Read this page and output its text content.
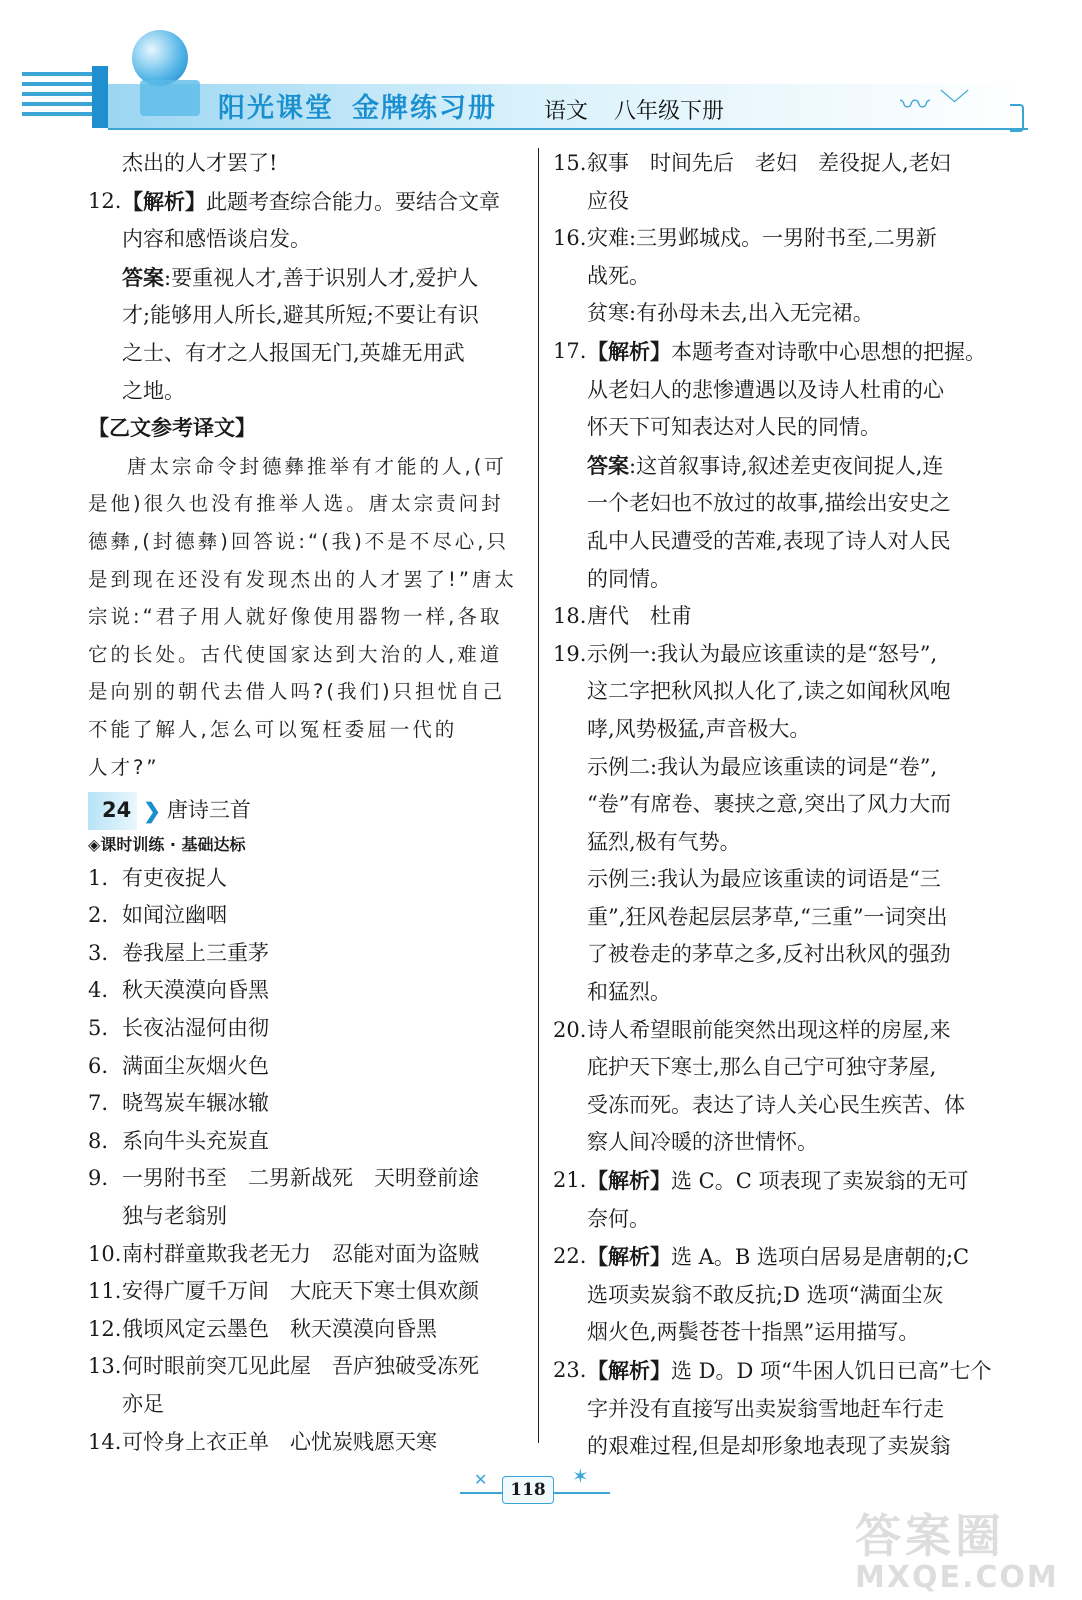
阳光课堂 金牌练习册 语文 八年级下册	〰 ﹀
杰出的人才罢了!
12. 【解析】此题考查综合能力。要结合文章
内容和感悟谈启发。
答案:要重视人才,善于识别人才,爱护人
才;能够用人所长,避其所短;不要让有识
之士、有才之人报国无门,英雄无用武
之地。
【乙文参考译文】
唐太宗命令封德彝推举有才能的人,(可
是他)很久也没有推举人选。唐太宗责问封
德彝,(封德彝)回答说:“(我)不是不尽心,只
是到现在还没有发现杰出的人才罢了!”唐太
宗说:“君子用人就好像使用器物一样,各取
它的长处。古代使国家达到大治的人,难道
是向别的朝代去借人吗?(我们)只担忧自己
不能了解人,怎么可以冤枉委屈一代的
人才?”
24 ❯ 唐诗三首
◈课时训练 · 基础达标
1. 有吏夜捉人
2. 如闻泣幽咽
3. 卷我屋上三重茅
4. 秋天漠漠向昏黑
5. 长夜沾湿何由彻
6. 满面尘灰烟火色
7. 晓驾炭车辗冰辙
8. 系向牛头充炭直
9. 一男附书至　二男新战死　天明登前途
独与老翁别
10. 南村群童欺我老无力　忍能对面为盗贼
11. 安得广厦千万间　大庇天下寒士俱欢颜
12. 俄顷风定云墨色　秋天漠漠向昏黑
13. 何时眼前突兀见此屋　吾庐独破受冻死
亦足
14. 可怜身上衣正单　心忧炭贱愿天寒
15. 叙事　时间先后　老妇　差役捉人,老妇
应役
16. 灾难:三男邺城戍。一男附书至,二男新
战死。
贫寒:有孙母未去,出入无完裙。
17. 【解析】本题考查对诗歌中心思想的把握。
从老妇人的悲惨遭遇以及诗人杜甫的心
怀天下可知表达对人民的同情。
答案:这首叙事诗,叙述差吏夜间捉人,连
一个老妇也不放过的故事,描绘出安史之
乱中人民遭受的苦难,表现了诗人对人民
的同情。
18. 唐代　杜甫
19. 示例一:我认为最应该重读的是“怒号”,
这二字把秋风拟人化了,读之如闻秋风咆
哮,风势极猛,声音极大。
示例二:我认为最应该重读的词是“卷”,
“卷”有席卷、裹挟之意,突出了风力大而
猛烈,极有气势。
示例三:我认为最应该重读的词语是“三
重”,狂风卷起层层茅草,“三重”一词突出
了被卷走的茅草之多,反衬出秋风的强劲
和猛烈。
20. 诗人希望眼前能突然出现这样的房屋,来
庇护天下寒士,那么自己宁可独守茅屋,
受冻而死。表达了诗人关心民生疾苦、体
察人间冷暖的济世情怀。
21. 【解析】选 C。C 项表现了卖炭翁的无可
奈何。
22. 【解析】选 A。B 选项白居易是唐朝的;C
选项卖炭翁不敢反抗;D 选项“满面尘灰
烟火色,两鬓苍苍十指黑”运用描写。
23. 【解析】选 D。D 项“牛困人饥日已高”七个
字并没有直接写出卖炭翁雪地赶车行走
的艰难过程,但是却形象地表现了卖炭翁
✕
118
✶
答案圈
MXQE.COM
